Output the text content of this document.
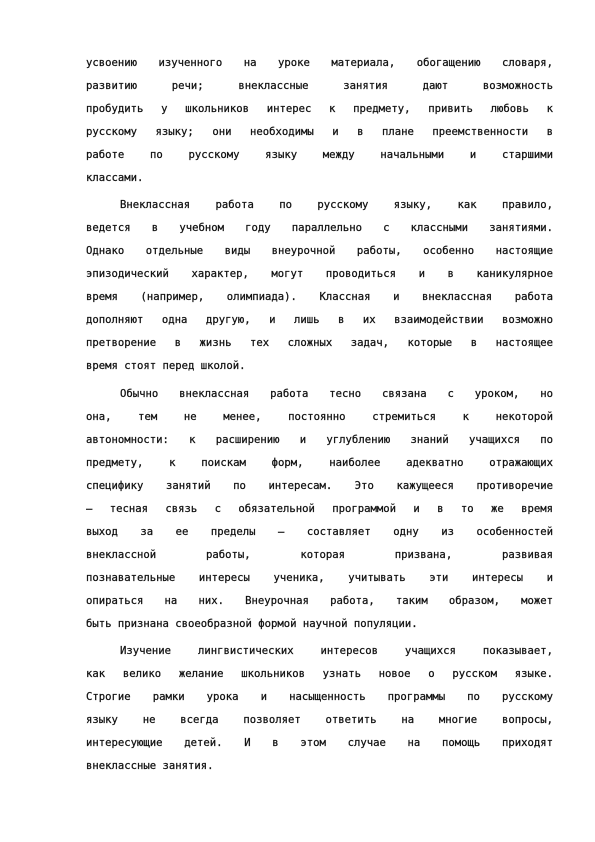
усвоению изученного на уроке материала, обогащению словаря,

развитию речи; внеклассные занятия дают возможность

пробудить у школьников интерес к предмету, привить любовь к

русскому языку; они необходимы и в плане преемственности в

работе по русскому языку между начальными и старшими

классами.

Внеклассная работа по русскому языку, как правило,

ведется в учебном году параллельно с классными занятиями.

Однако отдельные виды внеурочной работы, особенно настоящие

эпизодический характер, могут проводиться и в каникулярное

время (например, олимпиада). Классная и внеклассная работа

дополняют одна другую, и лишь в их взаимодействии возможно

претворение в жизнь тех сложных задач, которые в настоящее

время стоят перед школой.

Обычно внеклассная работа тесно связана с уроком, но

она, тем не менее, постоянно стремиться к некоторой

автономности: к расширению и углублению знаний учащихся по

предмету, к поискам форм, наиболее адекватно отражающих

специфику занятий по интересам. Это кажущееся противоречие

– тесная связь с обязательной программой и в то же время

выход за ее пределы – составляет одну из особенностей

внеклассной работы, которая призвана, развивая

познавательные интересы ученика, учитывать эти интересы и

опираться на них. Внеурочная работа, таким образом, может

быть признана своеобразной формой научной популяции.

Изучение лингвистических интересов учащихся показывает,

как велико желание школьников узнать новое о русском языке.

Строгие рамки урока и насыщенность программы по русскому

языку не всегда позволяет ответить на многие вопросы,

интересующие детей. И в этом случае на помощь приходят

внеклассные занятия.
